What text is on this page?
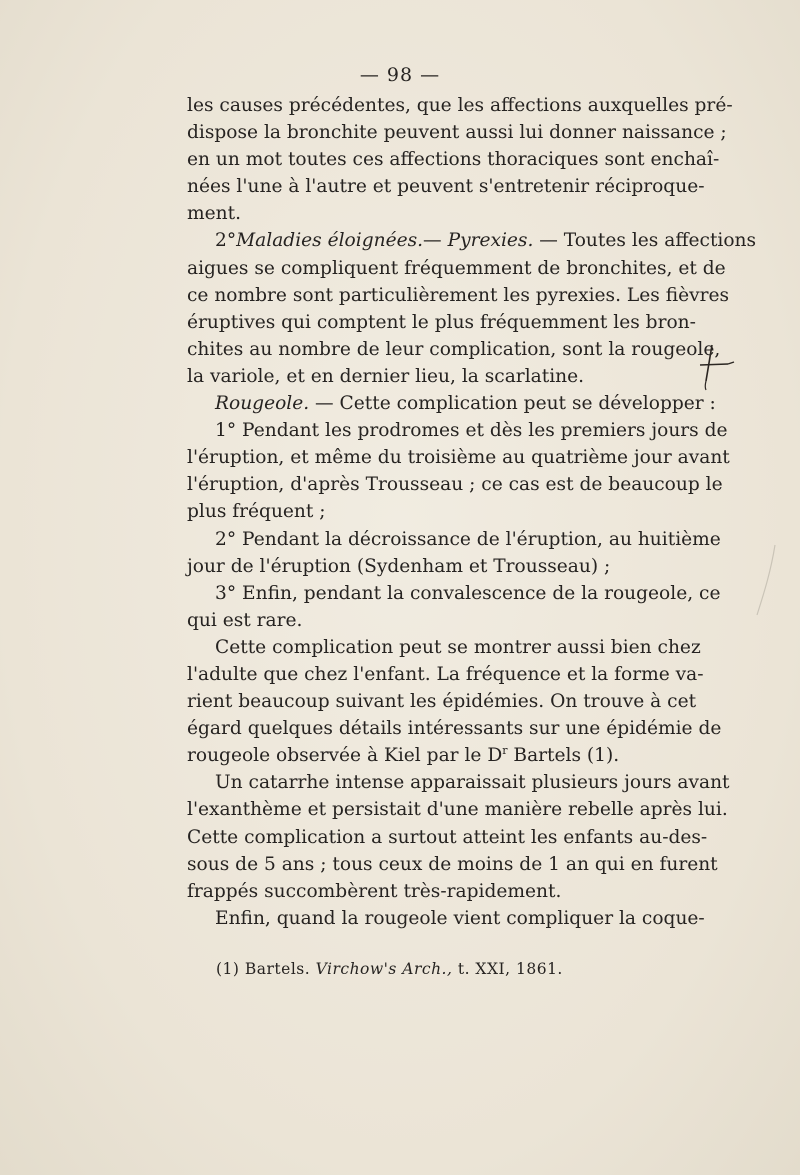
— 98 —
les causes précédentes, que les affections auxquelles pré-
dispose la bronchite peuvent aussi lui donner naissance ;
en un mot toutes ces affections thoraciques sont enchaî-
nées l'une à l'autre et peuvent s'entretenir réciproque-
ment.
2°Maladies éloignées.— Pyrexies. — Toutes les affections
aigues se compliquent fréquemment de bronchites, et de
ce nombre sont particulièrement les pyrexies. Les fièvres
éruptives qui comptent le plus fréquemment les bron-
chites au nombre de leur complication, sont la rougeole,
la variole, et en dernier lieu, la scarlatine.
Rougeole. — Cette complication peut se développer :
1° Pendant les prodromes et dès les premiers jours de
l'éruption, et même du troisième au quatrième jour avant
l'éruption, d'après Trousseau ; ce cas est de beaucoup le
plus fréquent ;
2° Pendant la décroissance de l'éruption, au huitième
jour de l'éruption (Sydenham et Trousseau) ;
3° Enfin, pendant la convalescence de la rougeole, ce
qui est rare.
Cette complication peut se montrer aussi bien chez
l'adulte que chez l'enfant. La fréquence et la forme va-
rient beaucoup suivant les épidémies. On trouve à cet
égard quelques détails intéressants sur une épidémie de
rougeole observée à Kiel par le $D^r$ Bartels (1).
Un catarrhe intense apparaissait plusieurs jours avant
l'exanthème et persistait d'une manière rebelle après lui.
Cette complication a surtout atteint les enfants au-des-
sous de 5 ans ; tous ceux de moins de 1 an qui en furent
frappés succombèrent très-rapidement.
Enfin, quand la rougeole vient compliquer la coque-
(1) Bartels. Virchow's Arch., t. XXI, 1861.
